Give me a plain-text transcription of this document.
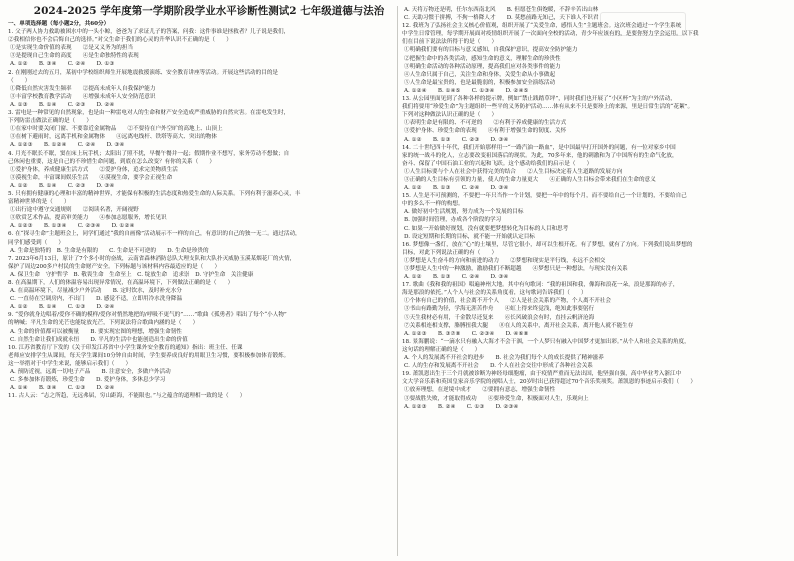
2024-2025 学年度第一学期阶段学业水平诊断性测试2 七年级道德与法治
一、单项选择题（每小题2分，共60分）
1. 父子两人协力救助被困水中的一头小鲸，爸爸为了求证儿子的答案，问我：这件事谁是拯救者？儿子说是我们，
②我相信你也不会后悔自己的选择。”对父生命于我们的心灵的升华认识不正确的是（　　）
①是实现生命价值的表现　　②是又义务为的担当
③是提现自己生命的高度　　④是生命独特性的表现
A. ①②　　B. ③④　　C. ②④　　D. ①③
2. 在刚刚过去的五月，某初中学校组织师生开展地震救援演练、安全教育讲座等活动。开展这些活动的目的是
（　　）
①降低自然灾害发生频率　　②提高未成年人自我保护能力
③丰富学校教育教学活动　　④增强未成年人安全防范意识
A. ①③　　B. ①④　　C. ②③　　D. ②④
3. 雷电是一种常见的自然现象，也是由一种雷电对人的生命和财产安全造成严重威胁的自然灾害。在雷电发生时，
下列防雷击做法正确的是（　　）
①在家中时要关闭门窗、不要靠近金属物品　　②不要待在户外空旷的高地上、山顶上
③在树下避雨时，远离手机和金属物体　　④远离电线杆、铁塔等高大、突出的物体
A. ①②③　　B. ①②④　　C. ②④　　D. ③④
4. 月光不眠长不眠，窦在床上玩手机；太阳出了照不扰，早餐午餐并一起；假期作业不想写，家务劳动不想做；自
己休闲也重要，这是自己的不珍惜生命问题，到底在怎么改变？有你的关系（　　）
①爱护身体，养成健康生活方式　　②爱护身体，追求完美物质生活
③漠视生命，丰富课间娱乐生活　　④漠视生命，要学会正视生命
A. ①②　　B. ①④　　C. ②③　　D. ③④
5. 只有拥有健康的心理和丰富的精神世界，才能保有积极的生活态度和热爱生命的人际关系。下列有利于滋养心灵，丰
富精神世界的是（　　）
①出行途中遵守交通规则　　②阅读名著，开阔视野
③欣赏艺术作品，提高审美能力　　④参加志愿服务，增长见识
A. ①②③　　B. ①③④　　C. ②③④　　D. ①②④
6. 在“探寻生命”主题班会上，同学们通过“我的自画像”活动展示不一样的自己，有意识的自己的独一无二。通过活动，
同学们感受到（　　）
A. 生命是独特的　B. 生命是有限的　　C. 生命是不可逆的　　D. 生命是珍贵的
7. 2023年6月13日，原计了7个多小时的奋战，云南省森林消防总队大理支队和大队扑灭威胁玉溪某烟花厂的火情，
保护了周边200多户村民的生命财产安全。下列标题与该材料内容最适应的是（　　）
A. 保卫生命　守护哲学　B. 敬畏生命　生命至上　C. 绽放生命　追求崇　D. 守护生命　关注健康
8. 在高温期下，人们的体温容易出现异常情况，在高温环境下，下列做法正确的是（　　）
A. 在高温环境下，尽量减少户外活动　　B. 定时饮水，及时补充水分
C. 一直待在空调房内，不出门　　D. 感觉不适，立即用冷水洗身降温
A. ①②　　B. ①④　　C. ①③　　D. ②④
9. “爱你就身边唱着/爱你不确的模样/爱你对悄然地把的/呼吸不更气的”……”歌曲《孤勇者》唱出了每个“小人物”
的呐喊；平凡生命的光芒也能绽放光芒，下列说法符合歌曲内涵的是（　　）
A. 生命的价值都可以被衡量　　B. 要实现宏图的理想，增强生命韧性
C. 自然生命让我们成就永恒　　D. 平凡的生活中也能创造出生命的价值
10. 江苏省教育厅下发的《关于印发江苏省中小学生课外安全教育的通知》指出：班主任、任课
老师应安排学生从课间，每天学生课间10分钟自由时间，学生要养成良好的用眼卫生习惯，要积极参加体育锻炼。
这一举措对于中学生来说，能够启示我们（　　）
A. 预防近视，远离一切电子产品　　B. 注意安全，多做户外活动
C. 多参加体育锻炼，珍爱生命　　D. 爱护身体，多休息少学习
A. ①④　　B. ③④　　C. ①③　　D. ②④
11. 古人云：“志之所趋，无远弗届，穷山距海，不能限也。”与之蕴含的道理相一致的是（　　）
A. 天将万物还是明，任尔东西南北风　　B. 但愿苍生俱饱暖，不辞辛苦出山林
C. 天助习惯于拼搏，不拘一格降人才　　D. 莫愁前路无知己，天下谁人不识君
12. 我班为了弘扬社会主义核心价值观，组织开展了“关爱生命，感悟人生”主题班会。这次班会通过一个学生系统
中学生日常管理，每学期开展面对疫情组织开展了一次面向全校的活动，青少年应该有的，是要你努力学会运用。以下我
们在目前下说法法所得于的是（　　）
①明确我们要有的目标与意义感知，自我保护意识，提高安全防护能力
②把握生命中的各类活动，感知生命的意义，理解生命的珍贵性
③明确生命活动的各种活动原理，提高我们应对各类事件的能力
④人生命只属于自己，关注生命和身体，关爱生命从小事做起
⑤人生命是最宝贵的，也是最脆弱的，积极参加安全演练活动
A. ①②④　　B. ①④⑤　　C. ①③④　　D. ②④⑤
13. 从公园里面见到了各种各样的提示牌，例如“禁止践踏草坪”，同时我们也开展了“小区杯”为主的户外活动，
我们将要用“珍爱生命”为主题组织一些平的义务防护活动……体有从来不只是要珍上的来源，里是日常生活的“花絮”。
下列对这种做法认识正确的是（　　）
①表明生命是有限的、不可逆的　　②有利于养成健康的生活方式
③爱护身体、珍爱生命的表现　　④有利于增强生命的韧度、关怀
A. ①②　　B. ①③　　C. ②③　　D. ③④
14. 二十世纪四十年代，我们开始那样用一“一路汽油一路血”，是中国最早打开国外的问题，有一位对家乡中国
家的统一战斗的化人，立志要改变祖国落后的现状。为此，70多年来，他的刺激和为了中国所有的生命气化放，
奋斗、保留了中国石油工业的兴起和飞跃。这个感动给我们的启示是（　　）
①人生目标要与个人在社会中获得完美的结合　　②人生目标决定着人生道路的发展方向
③正确的人生目标有引领的力量，使人的生命力量更大　　④正确的人生目标会带来我们在生命的意义
A. ①②　　B. ①③　　C. ②④　　D. ③④
15. 人生是不可预测的，不要把一年只当作一个计划，要把一年中的每个月，而不要给自己一个计划的，不要给自己
中的多么不一样的构想。
A. 做好初中生活规划，努力成为一个发展的目标
B. 加强时间管理，办成各个阶段的学习
C. 如果一开始做好规划，没有就要把梦想转化为目标的人目和思考
D. 设定短期和长期的目标，就不能一开始就认定目标
16. 梦想像一盏灯，放在“心”的土壤里，尽管它很小，却可以生根开花。有了梦想，就有了方向。下列我们说出梦想的
目标，对此下列说法正确的有（　　）
①梦想是人生奋斗的方向和前进的动力　　②梦想和现实是平行线，永远不会相交
③梦想是人生中的一种激励，激励我们不断超越　　④梦想只是一种想法，与现实没有关系
A. ①②　　B. ①③　　C. ②④　　D. ③④
17. 歌曲《我和我的祖国》唱遍神州大地。其中有句歌词：“我的祖国和我，像海和浪花一朵，浪是那海的赤子，
海是那浪的依托。”人个人与社会的关系角度看，这句歌词告诉我们（　　）
①个体有自己的价值，社会离不开个人　　②人是社会关系的产物，个人离不开社会
③书山有路勤为径，学海无涯苦作舟　　④虹上得来终觉浅，绝知此事要躬行
⑤天生我材必有用，千金散尽还复来　　⑥长风破浪会有时，直挂云帆济沧海
⑦关系相连相支撑，胳膊扭我大腿　　⑧在人的关系中，离开社会关系，离开他人就不能生存
A. ①②③　　B. ③⑦⑧　　C. ②③④　　D. ④⑥⑧
18. 景海鹏说：“一滴水只有融入大海才不会干涸，一个人梦只有融入中国梦才更加出彩。”从个人和社会关系的角度，
这句话的理解正确的是（　　）
A. 个人的发展离不开社会的进步　　B. 社会为我们每个人的成长提供了精神滋养
C. 人的生存和发展离不开社会　　D. 个人在社会交往中形成了各种社会关系
19. 萧凯恩出生于三个月就被诊断为神经母细胞瘤，由于疫情严重而无法出国，他坚强自强，高中毕业考入浙江中
文大学音乐系和英国皇家音乐学院的视唱人士，20岁时出已获得超过70个音乐奖项奖。萧凯恩的事迹启示我们（　　）
①放弃理想，在逆境中成才　　②要拥有意志，增强生命韧性
③要战胜失败，才能取得成功　　④要珍爱生命，积极面对人生，乐观向上
A. ①②③　　B. ②④　　C. ①③　　D. ②③④
